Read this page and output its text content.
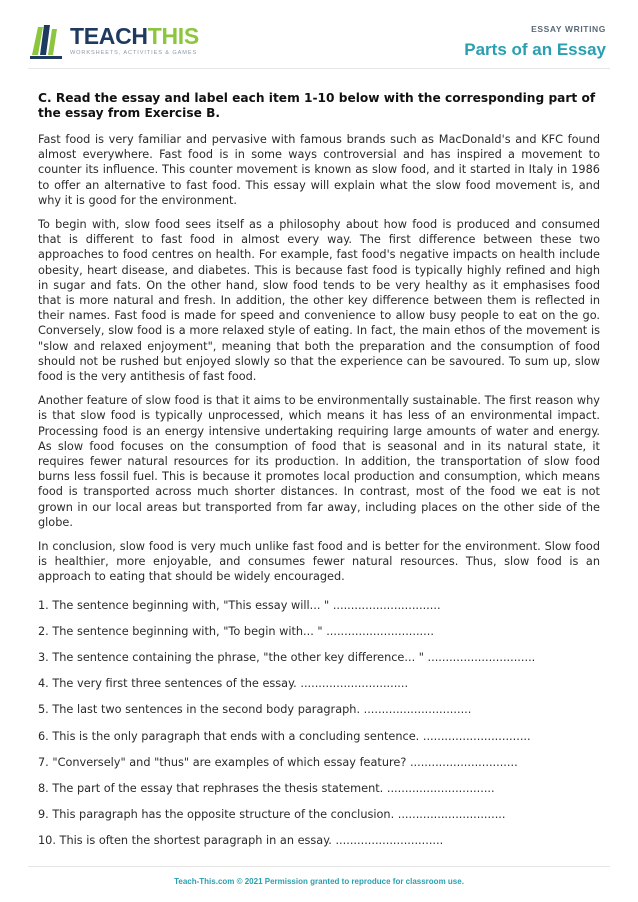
TEACHTHIS
WORKSHEETS, ACTIVITIES & GAMES
ESSAY WRITING
Parts of an Essay

C. Read the essay and label each item 1-10 below with the corresponding part of the essay from Exercise B.

Fast food is very familiar and pervasive with famous brands such as MacDonald's and KFC found almost everywhere. Fast food is in some ways controversial and has inspired a movement to counter its influence. This counter movement is known as slow food, and it started in Italy in 1986 to offer an alternative to fast food. This essay will explain what the slow food movement is, and why it is good for the environment.

To begin with, slow food sees itself as a philosophy about how food is produced and consumed that is different to fast food in almost every way. The first difference between these two approaches to food centres on health. For example, fast food's negative impacts on health include obesity, heart disease, and diabetes. This is because fast food is typically highly refined and high in sugar and fats. On the other hand, slow food tends to be very healthy as it emphasises food that is more natural and fresh. In addition, the other key difference between them is reflected in their names. Fast food is made for speed and convenience to allow busy people to eat on the go. Conversely, slow food is a more relaxed style of eating. In fact, the main ethos of the movement is "slow and relaxed enjoyment", meaning that both the preparation and the consumption of food should not be rushed but enjoyed slowly so that the experience can be savoured. To sum up, slow food is the very antithesis of fast food.

Another feature of slow food is that it aims to be environmentally sustainable. The first reason why is that slow food is typically unprocessed, which means it has less of an environmental impact. Processing food is an energy intensive undertaking requiring large amounts of water and energy. As slow food focuses on the consumption of food that is seasonal and in its natural state, it requires fewer natural resources for its production. In addition, the transportation of slow food burns less fossil fuel. This is because it promotes local production and consumption, which means food is transported across much shorter distances. In contrast, most of the food we eat is not grown in our local areas but transported from far away, including places on the other side of the globe.

In conclusion, slow food is very much unlike fast food and is better for the environment. Slow food is healthier, more enjoyable, and consumes fewer natural resources. Thus, slow food is an approach to eating that should be widely encouraged.

1. The sentence beginning with, "This essay will... " ..............................
2. The sentence beginning with, "To begin with... " ..............................
3. The sentence containing the phrase, "the other key difference... " ..............................
4. The very first three sentences of the essay. ..............................
5. The last two sentences in the second body paragraph. ..............................
6. This is the only paragraph that ends with a concluding sentence. ..............................
7. "Conversely" and "thus" are examples of which essay feature? ..............................
8. The part of the essay that rephrases the thesis statement. ..............................
9. This paragraph has the opposite structure of the conclusion. ..............................
10. This is often the shortest paragraph in an essay. ..............................
Teach-This.com © 2021 Permission granted to reproduce for classroom use.
